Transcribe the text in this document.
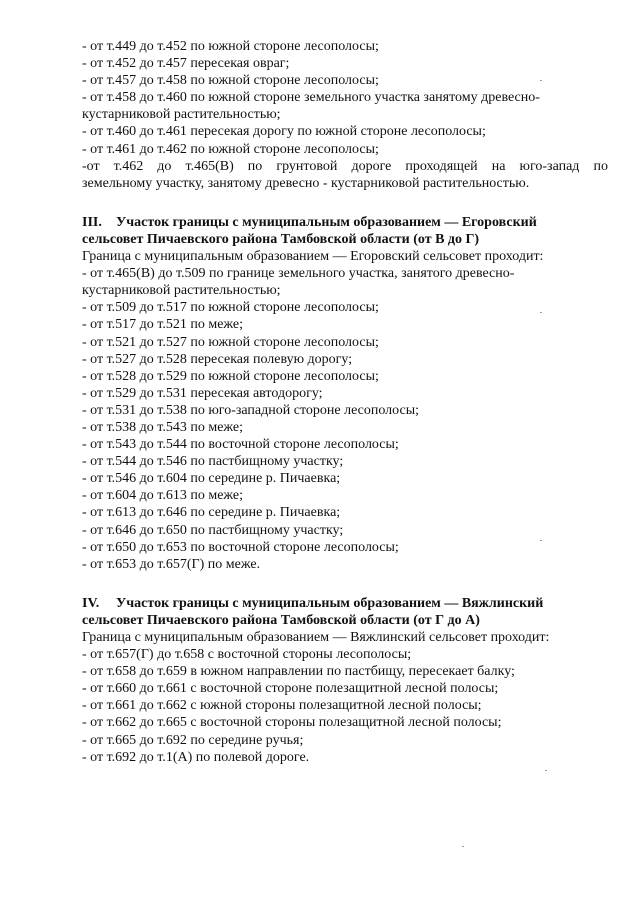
- от т.449 до т.452 по южной стороне лесополосы;

- от т.452 до т.457 пересекая овраг;

- от т.457 до т.458 по южной стороне лесополосы;

- от т.458 до т.460 по южной стороне земельного участка занятому древесно-

кустарниковой растительностью;

- от т.460 до т.461 пересекая дорогу по южной стороне лесополосы;

- от т.461 до т.462 по южной стороне лесополосы;

-от т.462 до т.465(В) по грунтовой дороге проходящей на юго-запад по

земельному участку, занятому древесно - кустарниковой растительностью.

III. Участок границы с муниципальным образованием — Егоровский

сельсовет Пичаевского района Тамбовской области (от В до Г)

Граница с муниципальным образованием — Егоровский сельсовет проходит:

- от т.465(В) до т.509 по границе земельного участка, занятого древесно-

кустарниковой растительностью;

- от т.509 до т.517 по южной стороне лесополосы;

- от т.517 до т.521 по меже;

- от т.521 до т.527 по южной стороне лесополосы;

- от т.527 до т.528 пересекая полевую дорогу;

- от т.528 до т.529 по южной стороне лесополосы;

- от т.529 до т.531 пересекая автодорогу;

- от т.531 до т.538 по юго-западной стороне лесополосы;

- от т.538 до т.543 по меже;

- от т.543 до т.544 по восточной стороне лесополосы;

- от т.544 до т.546 по пастбищному участку;

- от т.546 до т.604 по середине р. Пичаевка;

- от т.604 до т.613 по меже;

- от т.613 до т.646 по середине р. Пичаевка;

- от т.646 до т.650 по пастбищному участку;

- от т.650 до т.653 по восточной стороне лесополосы;

- от т.653 до т.657(Г) по меже.

IV. Участок границы с муниципальным образованием — Вяжлинский

сельсовет Пичаевского района Тамбовской области (от Г до А)

Граница с муниципальным образованием — Вяжлинский сельсовет проходит:

- от т.657(Г) до т.658 с восточной стороны лесополосы;

- от т.658 до т.659 в южном направлении по пастбищу, пересекает балку;

- от т.660 до т.661 с восточной стороне полезащитной лесной полосы;

- от т.661 до т.662 с южной стороны полезащитной лесной полосы;

- от т.662 до т.665 с восточной стороны полезащитной лесной полосы;

- от т.665 до т.692 по середине ручья;

- от т.692 до т.1(А) по полевой дороге.
